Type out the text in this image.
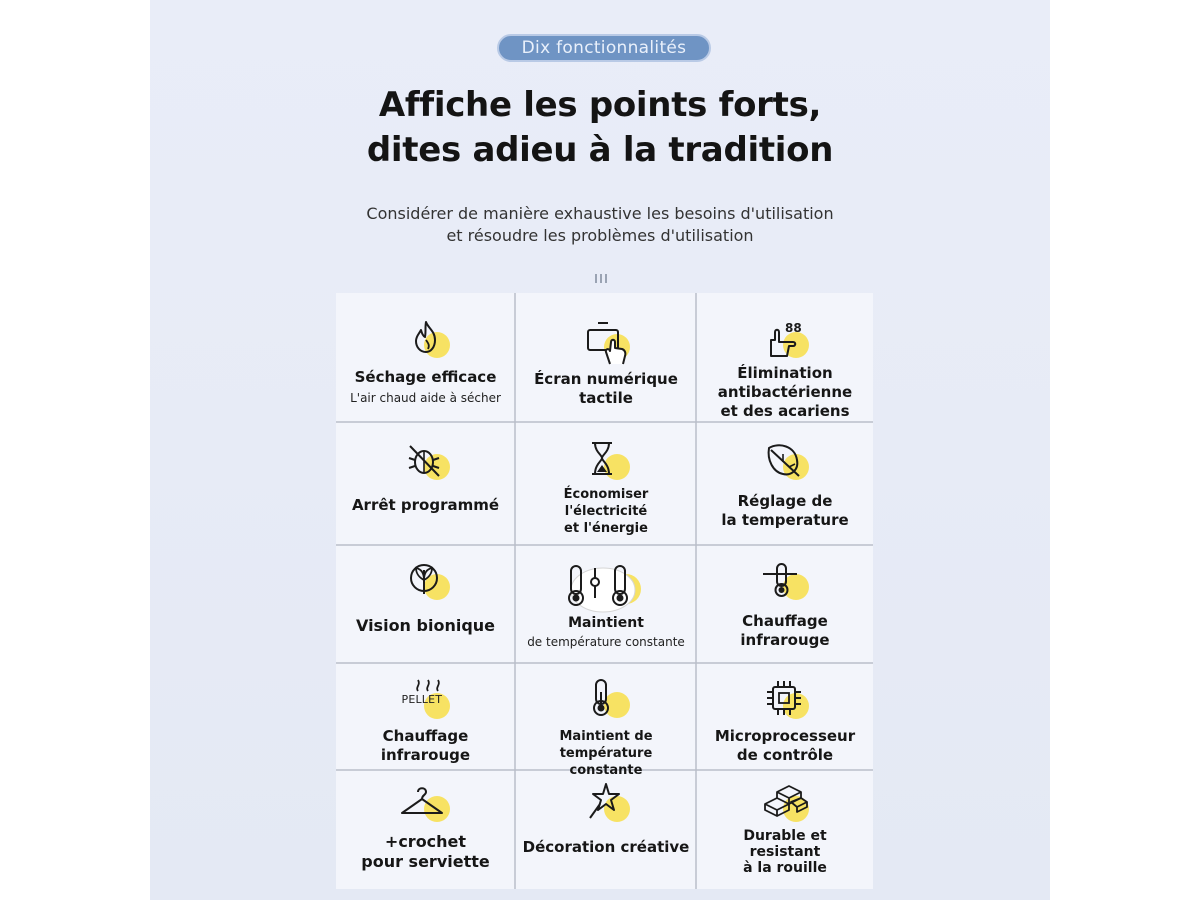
Dix fonctionnalités
Affiche les points forts,
dites adieu à la tradition
Considérer de manière exhaustive les besoins d'utilisation
et résoudre les problèmes d'utilisation
Séchage efficace
L'air chaud aide à sécher
Écran numérique
tactile
88
Élimination
antibactérienne
et des acariens
Arrêt programmé
Économiser
l'électricité
et l'énergie
Réglage de
la temperature
Vision bionique	Maintient
de température constante
Chauffage
infrarouge
PELLET
Chauffage infrarouge
Maintient de température
constante
Microprocesseur
de contrôle
+crochet
pour serviette
Décoration créative
Durable et
resistant
à la rouille
